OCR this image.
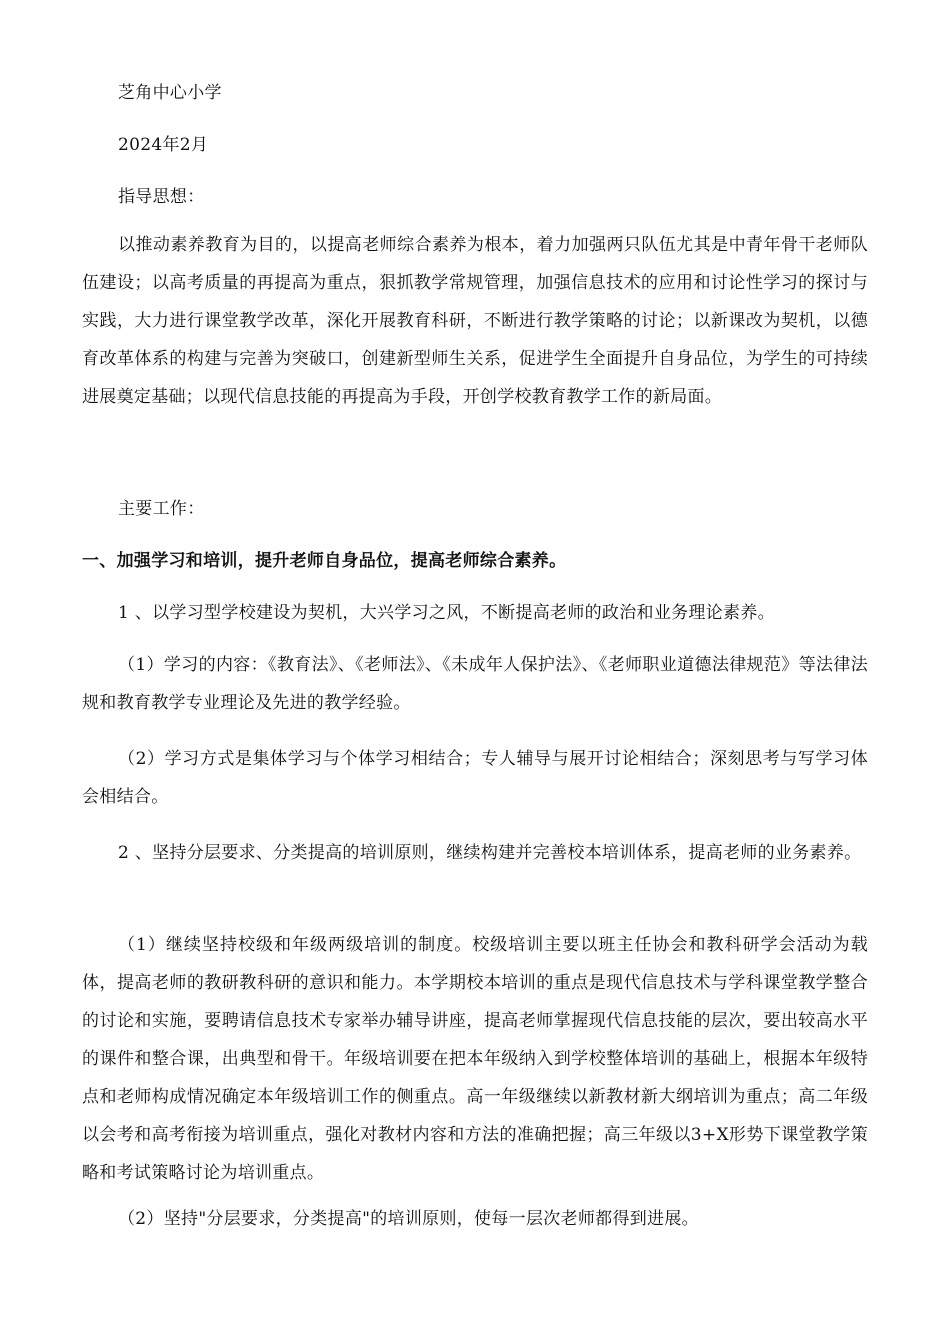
芝角中心小学

2024年2月

指导思想：

以推动素养教育为目的，以提高老师综合素养为根本，着力加强两只队伍尤其是中青年骨干老师队伍建设；以高考质量的再提高为重点，狠抓教学常规管理，加强信息技术的应用和讨论性学习的探讨与实践，大力进行课堂教学改革，深化开展教育科研，不断进行教学策略的讨论；以新课改为契机，以德育改革体系的构建与完善为突破口，创建新型师生关系，促进学生全面提升自身品位，为学生的可持续进展奠定基础；以现代信息技能的再提高为手段，开创学校教育教学工作的新局面。

主要工作：

一、加强学习和培训，提升老师自身品位，提高老师综合素养。

1 、以学习型学校建设为契机，大兴学习之风，不断提高老师的政治和业务理论素养。

（1）学习的内容：《教育法》、《老师法》、《未成年人保护法》、《老师职业道德法律规范》等法律法规和教育教学专业理论及先进的教学经验。

（2）学习方式是集体学习与个体学习相结合；专人辅导与展开讨论相结合；深刻思考与写学习体会相结合。

2 、坚持分层要求、分类提高的培训原则，继续构建并完善校本培训体系，提高老师的业务素养。

（1）继续坚持校级和年级两级培训的制度。校级培训主要以班主任协会和教科研学会活动为载体，提高老师的教研教科研的意识和能力。本学期校本培训的重点是现代信息技术与学科课堂教学整合的讨论和实施，要聘请信息技术专家举办辅导讲座，提高老师掌握现代信息技能的层次，要出较高水平的课件和整合课，出典型和骨干。年级培训要在把本年级纳入到学校整体培训的基础上，根据本年级特点和老师构成情况确定本年级培训工作的侧重点。高一年级继续以新教材新大纲培训为重点；高二年级以会考和高考衔接为培训重点，强化对教材内容和方法的准确把握；高三年级以3+X形势下课堂教学策略和考试策略讨论为培训重点。

（2）坚持"分层要求，分类提高"的培训原则，使每一层次老师都得到进展。
